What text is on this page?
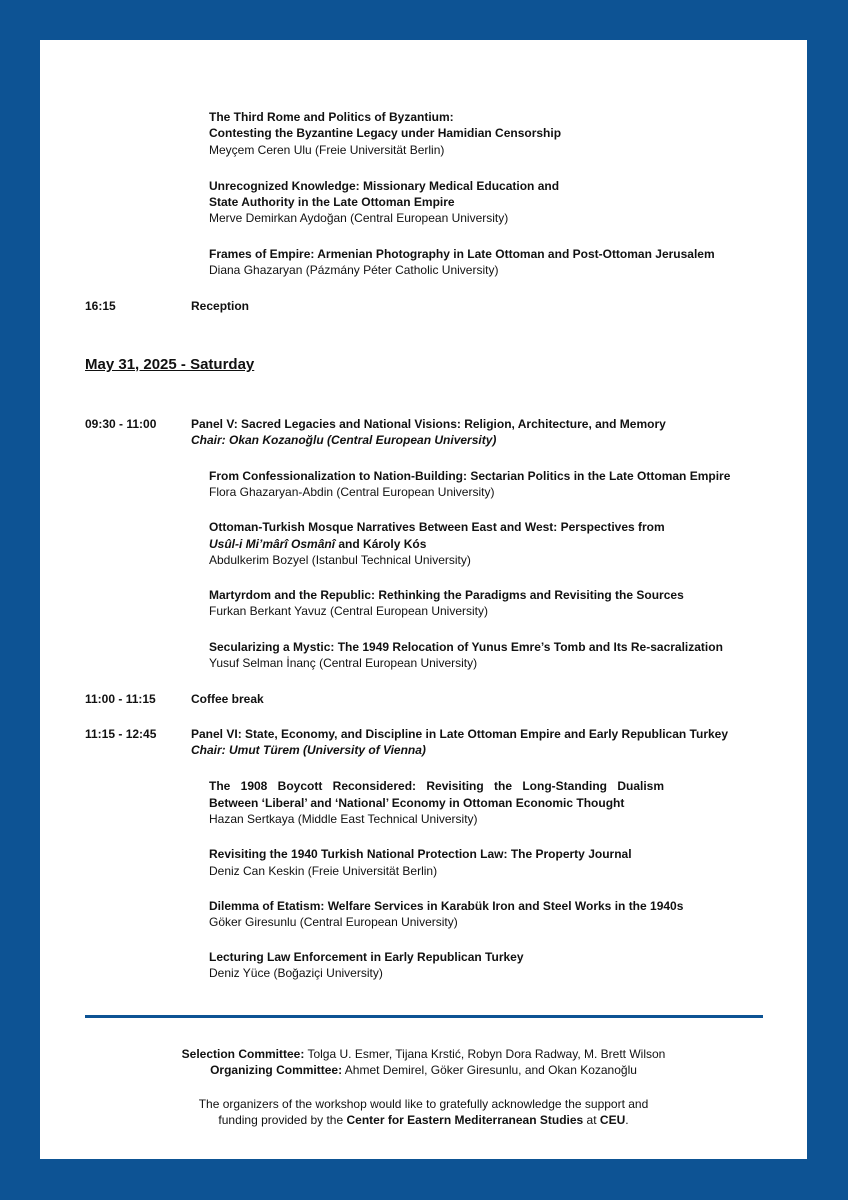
The Third Rome and Politics of Byzantium:
Contesting the Byzantine Legacy under Hamidian Censorship
Meyçem Ceren Ulu (Freie Universität Berlin)
Unrecognized Knowledge: Missionary Medical Education and
State Authority in the Late Ottoman Empire
Merve Demirkan Aydoğan (Central European University)
Frames of Empire: Armenian Photography in Late Ottoman and Post-Ottoman Jerusalem
Diana Ghazaryan (Pázmány Péter Catholic University)
16:15	Reception
May 31, 2025 - Saturday
09:30 - 11:00	Panel V: Sacred Legacies and National Visions: Religion, Architecture, and Memory
Chair: Okan Kozanoğlu (Central European University)
From Confessionalization to Nation-Building: Sectarian Politics in the Late Ottoman Empire
Flora Ghazaryan-Abdin (Central European University)
Ottoman-Turkish Mosque Narratives Between East and West: Perspectives from
Usûl-i Mi’mârî Osmânî and Károly Kós
Abdulkerim Bozyel (Istanbul Technical University)
Martyrdom and the Republic: Rethinking the Paradigms and Revisiting the Sources
Furkan Berkant Yavuz (Central European University)
Secularizing a Mystic: The 1949 Relocation of Yunus Emre’s Tomb and Its Re-sacralization
Yusuf Selman İnanç (Central European University)
11:00 - 11:15	Coffee break
11:15 - 12:45	Panel VI: State, Economy, and Discipline in Late Ottoman Empire and Early Republican Turkey
Chair: Umut Türem (University of Vienna)
The 1908 Boycott Reconsidered: Revisiting the Long-Standing Dualism
Between ‘Liberal’ and ‘National’ Economy in Ottoman Economic Thought
Hazan Sertkaya (Middle East Technical University)
Revisiting the 1940 Turkish National Protection Law: The Property Journal
Deniz Can Keskin (Freie Universität Berlin)
Dilemma of Etatism: Welfare Services in Karabük Iron and Steel Works in the 1940s
Göker Giresunlu (Central European University)
Lecturing Law Enforcement in Early Republican Turkey
Deniz Yüce (Boğaziçi University)
Selection Committee: Tolga U. Esmer, Tijana Krstić, Robyn Dora Radway, M. Brett Wilson
Organizing Committee: Ahmet Demirel, Göker Giresunlu, and Okan Kozanoğlu
The organizers of the workshop would like to gratefully acknowledge the support and
funding provided by the Center for Eastern Mediterranean Studies at CEU.
